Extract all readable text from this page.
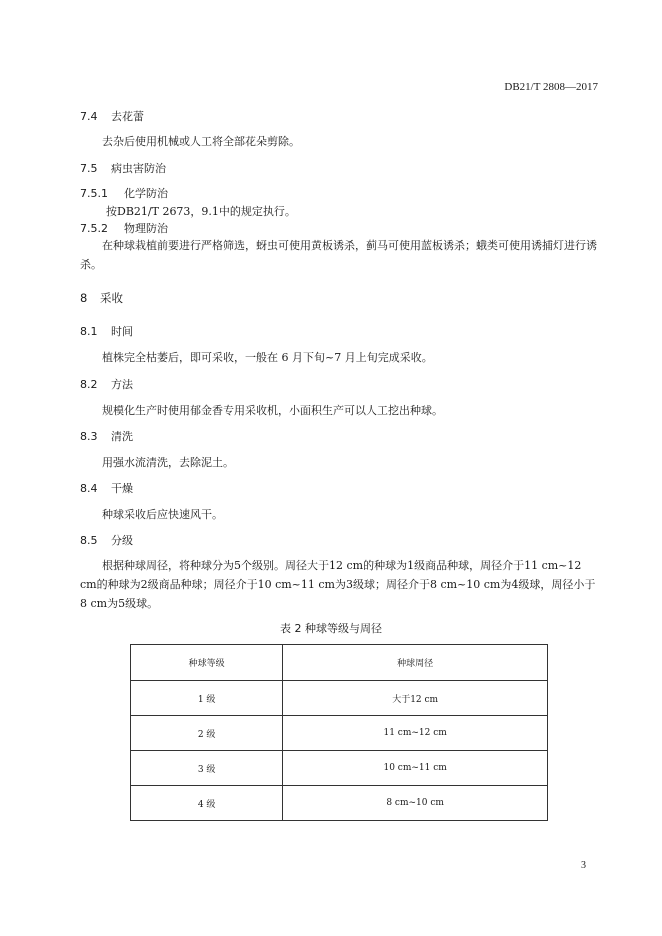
DB21/T 2808—2017
7.4 去花蕾
去杂后使用机械或人工将全部花朵剪除。
7.5 病虫害防治
7.5.1 化学防治
按DB21/T 2673，9.1中的规定执行。
7.5.2 物理防治
在种球栽植前要进行严格筛选，蚜虫可使用黄板诱杀，蓟马可使用蓝板诱杀；蛾类可使用诱捕灯进行诱杀。
8 采收
8.1 时间
植株完全枯萎后，即可采收，一般在 6 月下旬~7 月上旬完成采收。
8.2 方法
规模化生产时使用郁金香专用采收机，小面积生产可以人工挖出种球。
8.3 清洗
用强水流清洗，去除泥土。
8.4 干燥
种球采收后应快速风干。
8.5 分级
根据种球周径，将种球分为5个级别。周径大于12 cm的种球为1级商品种球，周径介于11 cm~12 cm的种球为2级商品种球；周径介于10 cm~11 cm为3级球；周径介于8 cm~10 cm为4级球，周径小于8 cm为5级球。
表 2 种球等级与周径
种球等级	种球周径
1 级	大于12 cm
2 级	11 cm~12 cm
3 级	10 cm~11 cm
4 级	8 cm~10 cm
3
